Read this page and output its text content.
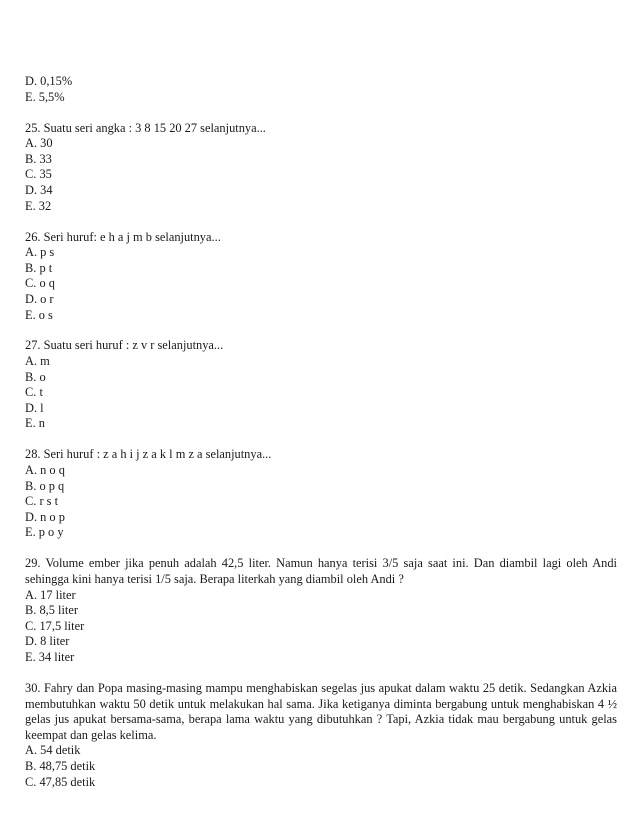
D. 0,15%
E. 5,5%
25. Suatu seri angka : 3 8 15 20 27 selanjutnya...
A. 30
B. 33
C. 35
D. 34
E. 32
26. Seri huruf: e h a j m b selanjutnya...
A. p s
B. p t
C. o q
D. o r
E. o s
27. Suatu seri huruf : z v r selanjutnya...
A. m
B. o
C. t
D. l
E. n
28. Seri huruf : z a h i j z a k l m z a selanjutnya...
A. n o q
B. o p q
C. r s t
D. n o p
E. p o y
29. Volume ember jika penuh adalah 42,5 liter. Namun hanya terisi 3/5 saja saat ini. Dan diambil lagi oleh Andi sehingga kini hanya terisi 1/5 saja. Berapa literkah yang diambil oleh Andi ?
A. 17 liter
B. 8,5 liter
C. 17,5 liter
D. 8 liter
E. 34 liter
30. Fahry dan Popa masing-masing mampu menghabiskan segelas jus apukat dalam waktu 25 detik. Sedangkan Azkia membutuhkan waktu 50 detik untuk melakukan hal sama. Jika ketiganya diminta bergabung untuk menghabiskan 4 ½ gelas jus apukat bersama-sama, berapa lama waktu yang dibutuhkan ? Tapi, Azkia tidak mau bergabung untuk gelas keempat dan gelas kelima.
A. 54 detik
B. 48,75 detik
C. 47,85 detik
